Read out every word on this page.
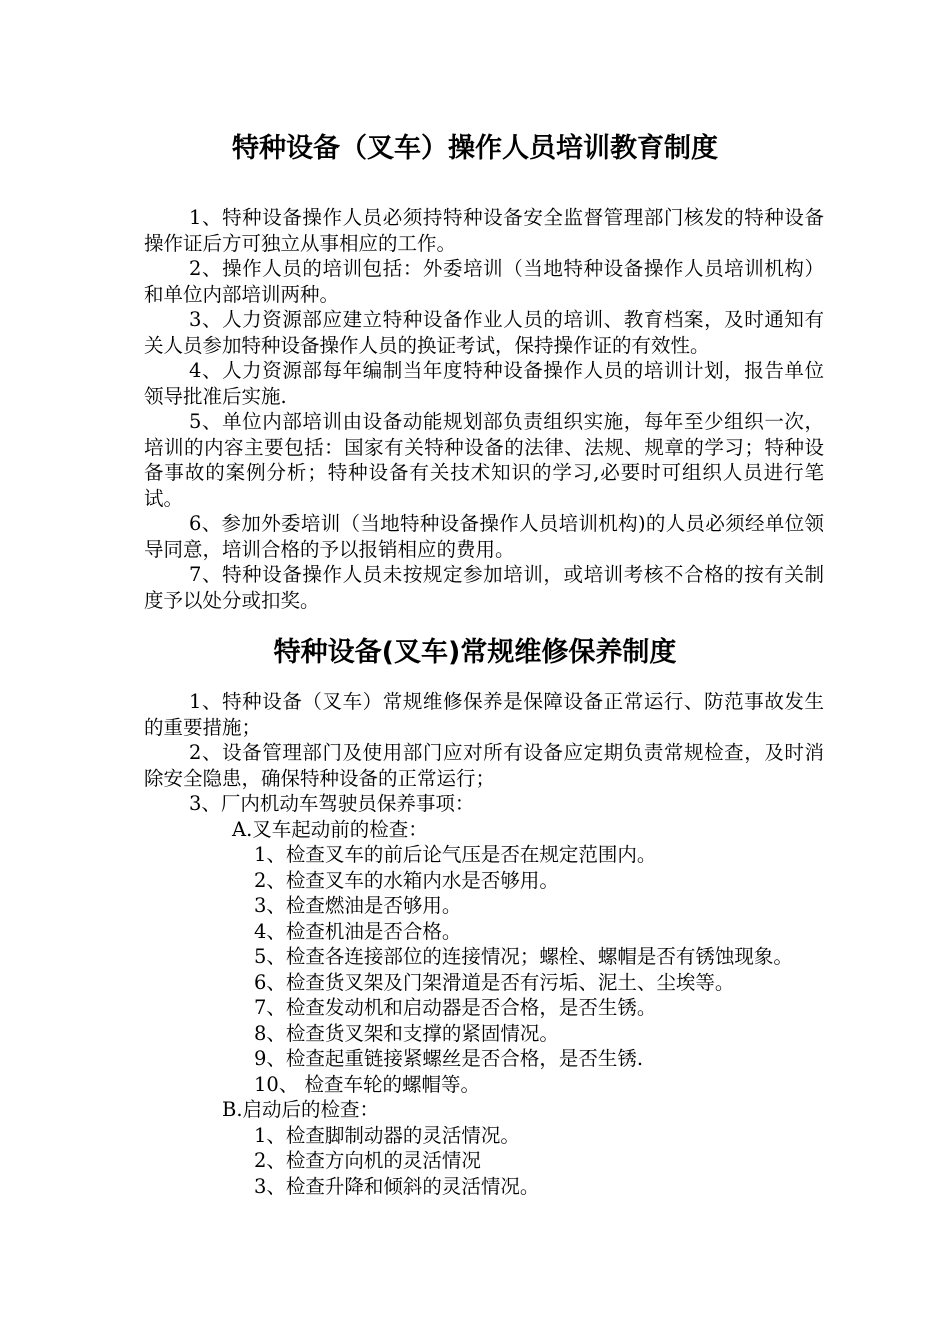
特种设备（叉车）操作人员培训教育制度

1、特种设备操作人员必须持特种设备安全监督管理部门核发的特种设备操作证后方可独立从事相应的工作。

2、操作人员的培训包括：外委培训（当地特种设备操作人员培训机构）和单位内部培训两种。

3、人力资源部应建立特种设备作业人员的培训、教育档案，及时通知有关人员参加特种设备操作人员的换证考试，保持操作证的有效性。

4、人力资源部每年编制当年度特种设备操作人员的培训计划，报告单位领导批准后实施.

5、单位内部培训由设备动能规划部负责组织实施，每年至少组织一次，培训的内容主要包括：国家有关特种设备的法律、法规、规章的学习；特种设备事故的案例分析；特种设备有关技术知识的学习,必要时可组织人员进行笔试。

6、参加外委培训（当地特种设备操作人员培训机构)的人员必须经单位领导同意，培训合格的予以报销相应的费用。

7、特种设备操作人员未按规定参加培训，或培训考核不合格的按有关制度予以处分或扣奖。

特种设备(叉车)常规维修保养制度

1、特种设备（叉车）常规维修保养是保障设备正常运行、防范事故发生的重要措施；

2、设备管理部门及使用部门应对所有设备应定期负责常规检查，及时消除安全隐患，确保特种设备的正常运行；

3、厂内机动车驾驶员保养事项：

A.叉车起动前的检查：

1、检查叉车的前后论气压是否在规定范围内。

2、检查叉车的水箱内水是否够用。

3、检查燃油是否够用。

4、检查机油是否合格。

5、检查各连接部位的连接情况；螺栓、螺帽是否有锈蚀现象。

6、检查货叉架及门架滑道是否有污垢、泥土、尘埃等。

7、检查发动机和启动器是否合格，是否生锈。

8、检查货叉架和支撑的紧固情况。

9、检查起重链接紧螺丝是否合格，是否生锈.

10、 检查车轮的螺帽等。

B.启动后的检查：

1、检查脚制动器的灵活情况。

2、检查方向机的灵活情况

3、检查升降和倾斜的灵活情况。
